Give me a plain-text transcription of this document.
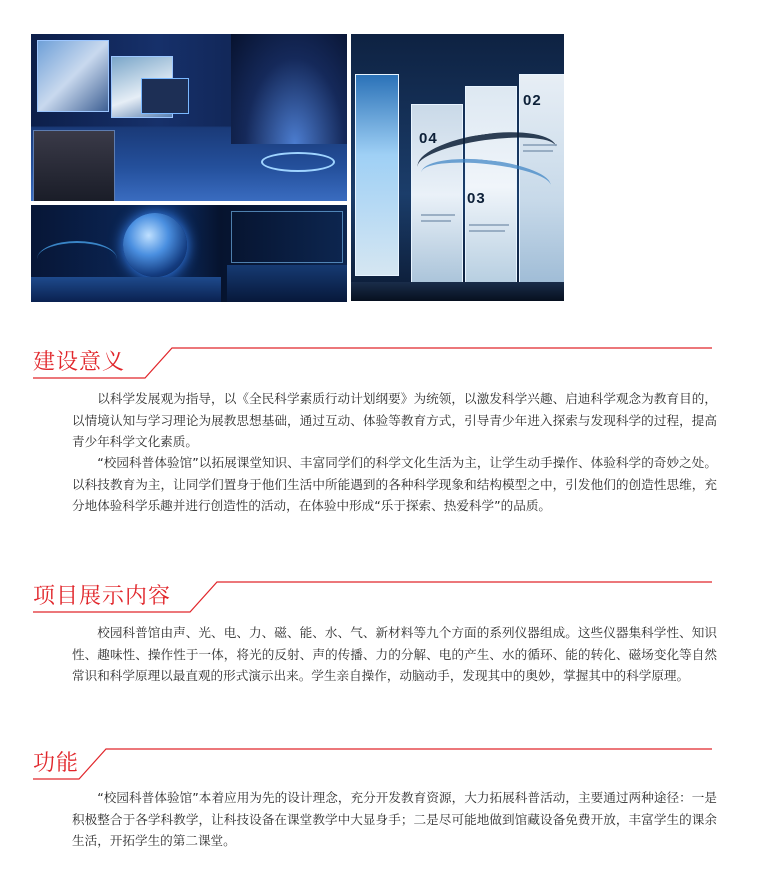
02
04
03
建设意义

以科学发展观为指导，以《全民科学素质行动计划纲要》为统领，以激发科学兴趣、启迪科学观念为教育目的，以情境认知与学习理论为展教思想基础，通过互动、体验等教育方式，引导青少年进入探索与发现科学的过程，提高青少年科学文化素质。

“校园科普体验馆”以拓展课堂知识、丰富同学们的科学文化生活为主，让学生动手操作、体验科学的奇妙之处。以科技教育为主，让同学们置身于他们生活中所能遇到的各种科学现象和结构模型之中，引发他们的创造性思维，充分地体验科学乐趣并进行创造性的活动，在体验中形成“乐于探索、热爱科学”的品质。

项目展示内容

校园科普馆由声、光、电、力、磁、能、水、气、新材料等九个方面的系列仪器组成。这些仪器集科学性、知识性、趣味性、操作性于一体，将光的反射、声的传播、力的分解、电的产生、水的循环、能的转化、磁场变化等自然常识和科学原理以最直观的形式演示出来。学生亲自操作，动脑动手，发现其中的奥妙，掌握其中的科学原理。

功能

“校园科普体验馆”本着应用为先的设计理念，充分开发教育资源，大力拓展科普活动，主要通过两种途径：一是积极整合于各学科教学，让科技设备在课堂教学中大显身手；二是尽可能地做到馆藏设备免费开放，丰富学生的课余生活，开拓学生的第二课堂。
